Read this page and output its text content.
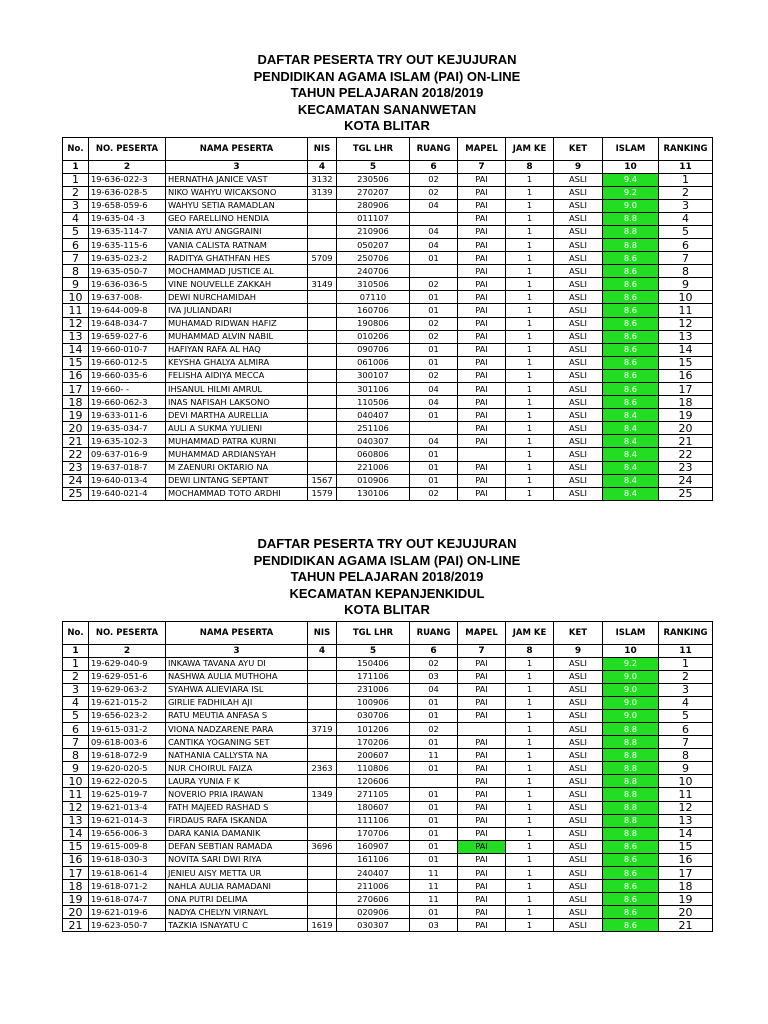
DAFTAR PESERTA TRY OUT KEJUJURAN
PENDIDIKAN AGAMA ISLAM (PAI) ON-LINE
TAHUN PELAJARAN 2018/2019
KECAMATAN SANANWETAN
KOTA BLITAR
No.	NO. PESERTA	NAMA PESERTA	NIS	TGL LHR	RUANG	MAPEL	JAM KE	KET	ISLAM	RANKING
1	2	3	4	5	6	7	8	9	10	11
1	19-636-022-3	HERNATHA JANICE VAST	3132	230506	02	PAI	1	ASLI	9.4	1
2	19-636-028-5	NIKO WAHYU WICAKSONO	3139	270207	02	PAI	1	ASLI	9.2	2
3	19-658-059-6	WAHYU SETIA RAMADLAN		280906	04	PAI	1	ASLI	9.0	3
4	19-635-04 -3	GEO FARELLINO HENDIA		011107		PAI	1	ASLI	8.8	4
5	19-635-114-7	VANIA AYU ANGGRAINI		210906	04	PAI	1	ASLI	8.8	5
6	19-635-115-6	VANIA CALISTA RATNAM		050207	04	PAI	1	ASLI	8.8	6
7	19-635-023-2	RADITYA GHATHFAN HES	5709	250706	01	PAI	1	ASLI	8.6	7
8	19-635-050-7	MOCHAMMAD JUSTICE AL		240706		PAI	1	ASLI	8.6	8
9	19-636-036-5	VINE NOUVELLE ZAKKAH	3149	310506	02	PAI	1	ASLI	8.6	9
10	19-637-008-	DEWI NURCHAMIDAH		07110	01	PAI	1	ASLI	8.6	10
11	19-644-009-8	IVA JULIANDARI		160706	01	PAI	1	ASLI	8.6	11
12	19-648-034-7	MUHAMAD RIDWAN HAFIZ		190806	02	PAI	1	ASLI	8.6	12
13	19-659-027-6	MUHAMMAD ALVIN NABIL		010206	02	PAI	1	ASLI	8.6	13
14	19-660-010-7	HAFIYAN RAFA AL HAQ		090706	01	PAI	1	ASLI	8.6	14
15	19-660-012-5	KEYSHA GHALYA ALMIRA		061006	01	PAI	1	ASLI	8.6	15
16	19-660-035-6	FELISHA AIDIYA MECCA		300107	02	PAI	1	ASLI	8.6	16
17	19-660- -	IHSANUL HILMI AMRUL		301106	04	PAI	1	ASLI	8.6	17
18	19-660-062-3	INAS NAFISAH LAKSONO		110506	04	PAI	1	ASLI	8.6	18
19	19-633-011-6	DEVI MARTHA AURELLIA		040407	01	PAI	1	ASLI	8.4	19
20	19-635-034-7	AULI A SUKMA YULIENI		251106		PAI	1	ASLI	8.4	20
21	19-635-102-3	MUHAMMAD PATRA KURNI		040307	04	PAI	1	ASLI	8.4	21
22	09-637-016-9	MUHAMMAD ARDIANSYAH		060806	01		1	ASLI	8.4	22
23	19-637-018-7	M ZAENURI OKTARIO NA		221006	01	PAI	1	ASLI	8.4	23
24	19-640-013-4	DEWI LINTANG SEPTANT	1567	010906	01	PAI	1	ASLI	8.4	24
25	19-640-021-4	MOCHAMMAD TOTO ARDHI	1579	130106	02	PAI	1	ASLI	8.4	25
DAFTAR PESERTA TRY OUT KEJUJURAN
PENDIDIKAN AGAMA ISLAM (PAI) ON-LINE
TAHUN PELAJARAN 2018/2019
KECAMATAN KEPANJENKIDUL
KOTA BLITAR
No.	NO. PESERTA	NAMA PESERTA	NIS	TGL LHR	RUANG	MAPEL	JAM KE	KET	ISLAM	RANKING
1	2	3	4	5	6	7	8	9	10	11
1	19-629-040-9	INKAWA TAVANA AYU DI		150406	02	PAI	1	ASLI	9.2	1
2	19-629-051-6	NASHWA AULIA MUTHOHA		171106	03	PAI	1	ASLI	9.0	2
3	19-629-063-2	SYAHWA ALIEVIARA ISL		231006	04	PAI	1	ASLI	9.0	3
4	19-621-015-2	GIRLIE FADHILAH AJI		100906	01	PAI	1	ASLI	9.0	4
5	19-656-023-2	RATU MEUTIA ANFASA S		030706	01	PAI	1	ASLI	9.0	5
6	19-615-031-2	VIONA NADZARENE PARA	3719	101206	02		1	ASLI	8.8	6
7	09-618-003-6	CANTIKA YOGANING SET		170206	01	PAI	1	ASLI	8.8	7
8	19-618-072-9	NATHANIA CALLYSTA NA		200607	11	PAI	1	ASLI	8.8	8
9	19-620-020-5	NUR CHOIRUL FAIZA	2363	110806	01	PAI	1	ASLI	8.8	9
10	19-622-020-5	LAURA YUNIA F K		120606		PAI	1	ASLI	8.8	10
11	19-625-019-7	NOVERIO PRIA IRAWAN	1349	271105	01	PAI	1	ASLI	8.8	11
12	19-621-013-4	FATH MAJEED RASHAD S		180607	01	PAI	1	ASLI	8.8	12
13	19-621-014-3	FIRDAUS RAFA ISKANDA		111106	01	PAI	1	ASLI	8.8	13
14	19-656-006-3	DARA KANIA DAMANIK		170706	01	PAI	1	ASLI	8.8	14
15	19-615-009-8	DEFAN SEBTIAN RAMADA	3696	160907	01	PAI	1	ASLI	8.6	15
16	19-618-030-3	NOVITA SARI DWI RIYA		161106	01	PAI	1	ASLI	8.6	16
17	19-618-061-4	JENIEU AISY METTA UR		240407	11	PAI	1	ASLI	8.6	17
18	19-618-071-2	NAHLA AULIA RAMADANI		211006	11	PAI	1	ASLI	8.6	18
19	19-618-074-7	ONA PUTRI DELIMA		270606	11	PAI	1	ASLI	8.6	19
20	19-621-019-6	NADYA CHELYN VIRNAYL		020906	01	PAI	1	ASLI	8.6	20
21	19-623-050-7	TAZKIA ISNAYATU C	1619	030307	03	PAI	1	ASLI	8.6	21
